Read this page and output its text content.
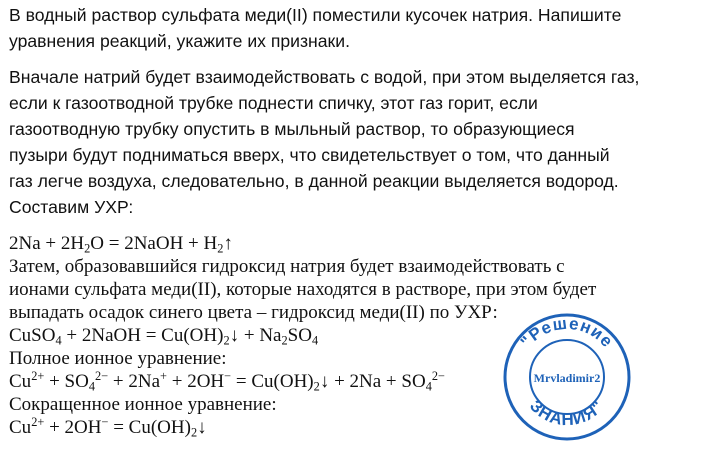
В водный раствор сульфата меди(II) поместили кусочек натрия. Напишите
уравнения реакций, укажите их признаки.
Вначале натрий будет взаимодействовать с водой, при этом выделяется газ,
если к газоотводной трубке поднести спичку, этот газ горит, если
газоотводную трубку опустить в мыльный раствор, то образующиеся
пузыри будут подниматься вверх, что свидетельствует о том, что данный
газ легче воздуха, следовательно, в данной реакции выделяется водород.
Составим УХР:
$2Na + 2H_2O$ = 2NaOH + $H_2↑$
Затем, образовавшийся гидроксид натрия будет взаимодействовать с
ионами сульфата меди(II), которые находятся в растворе, при этом будет
выпадать осадок синего цвета – гидроксид меди(II) по УХР:
CuSO$_4$ + 2NaOH = $Cu(OH)_2↓ + Na_2SO_4$
Полное ионное уравнение:
$Cu^{2+} + SO_4^{2-} + 2Na^+ + 2OH^-$ = $Cu(OH)_2↓ + 2Na + SO_4^{2-}$
Сокращенное ионное уравнение:
$Cu^{2+} + 2OH^-$ = $Cu(OH)_2↓$
"Решение
ЗНАНИЯ"
Mrvladimir2
